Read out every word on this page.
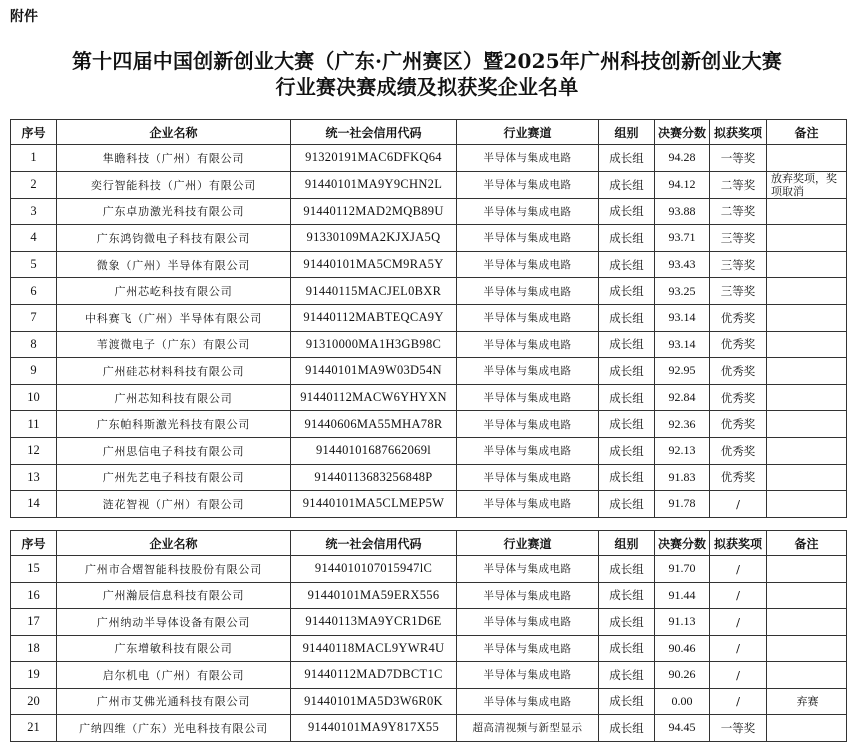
附件
第十四届中国创新创业大赛（广东·广州赛区）暨2025年广州科技创新创业大赛
行业赛决赛成绩及拟获奖企业名单
序号	企业名称	统一社会信用代码	行业赛道	组别	决赛分数	拟获奖项	备注
1	隼瞻科技（广州）有限公司	91320191MAC6DFKQ64	半导体与集成电路	成长组	94.28	一等奖	
2	奕行智能科技（广州）有限公司	91440101MA9Y9CHN2L	半导体与集成电路	成长组	94.12	二等奖	放弃奖项，奖项取消
3	广东卓劢激光科技有限公司	91440112MAD2MQB89U	半导体与集成电路	成长组	93.88	二等奖	
4	广东鸿钧微电子科技有限公司	91330109MA2KJXJA5Q	半导体与集成电路	成长组	93.71	三等奖	
5	微象（广州）半导体有限公司	91440101MA5CM9RA5Y	半导体与集成电路	成长组	93.43	三等奖	
6	广州芯屹科技有限公司	91440115MACJEL0BXR	半导体与集成电路	成长组	93.25	三等奖	
7	中科赛飞（广州）半导体有限公司	91440112MABTEQCA9Y	半导体与集成电路	成长组	93.14	优秀奖	
8	苇渡微电子（广东）有限公司	91310000MA1H3GB98C	半导体与集成电路	成长组	93.14	优秀奖	
9	广州硅芯材料科技有限公司	91440101MA9W03D54N	半导体与集成电路	成长组	92.95	优秀奖	
10	广州芯知科技有限公司	91440112MACW6YHYXN	半导体与集成电路	成长组	92.84	优秀奖	
11	广东帕科斯激光科技有限公司	91440606MA55MHA78R	半导体与集成电路	成长组	92.36	优秀奖	
12	广州思信电子科技有限公司	91440101687662069l	半导体与集成电路	成长组	92.13	优秀奖	
13	广州先艺电子科技有限公司	91440113683256848P	半导体与集成电路	成长组	91.83	优秀奖	
14	涟花智视（广州）有限公司	91440101MA5CLMEP5W	半导体与集成电路	成长组	91.78	/	
序号	企业名称	统一社会信用代码	行业赛道	组别	决赛分数	拟获奖项	备注
15	广州市合熠智能科技股份有限公司	9144010107015947lC	半导体与集成电路	成长组	91.70	/	
16	广州瀚辰信息科技有限公司	91440101MA59ERX556	半导体与集成电路	成长组	91.44	/	
17	广州纳动半导体设备有限公司	91440113MA9YCR1D6E	半导体与集成电路	成长组	91.13	/	
18	广东增敏科技有限公司	91440118MACL9YWR4U	半导体与集成电路	成长组	90.46	/	
19	启尔机电（广州）有限公司	91440112MAD7DBCT1C	半导体与集成电路	成长组	90.26	/	
20	广州市艾佛光通科技有限公司	91440101MA5D3W6R0K	半导体与集成电路	成长组	0.00	/	弃赛
21	广纳四维（广东）光电科技有限公司	91440101MA9Y817X55	超高清视频与新型显示	成长组	94.45	一等奖	
